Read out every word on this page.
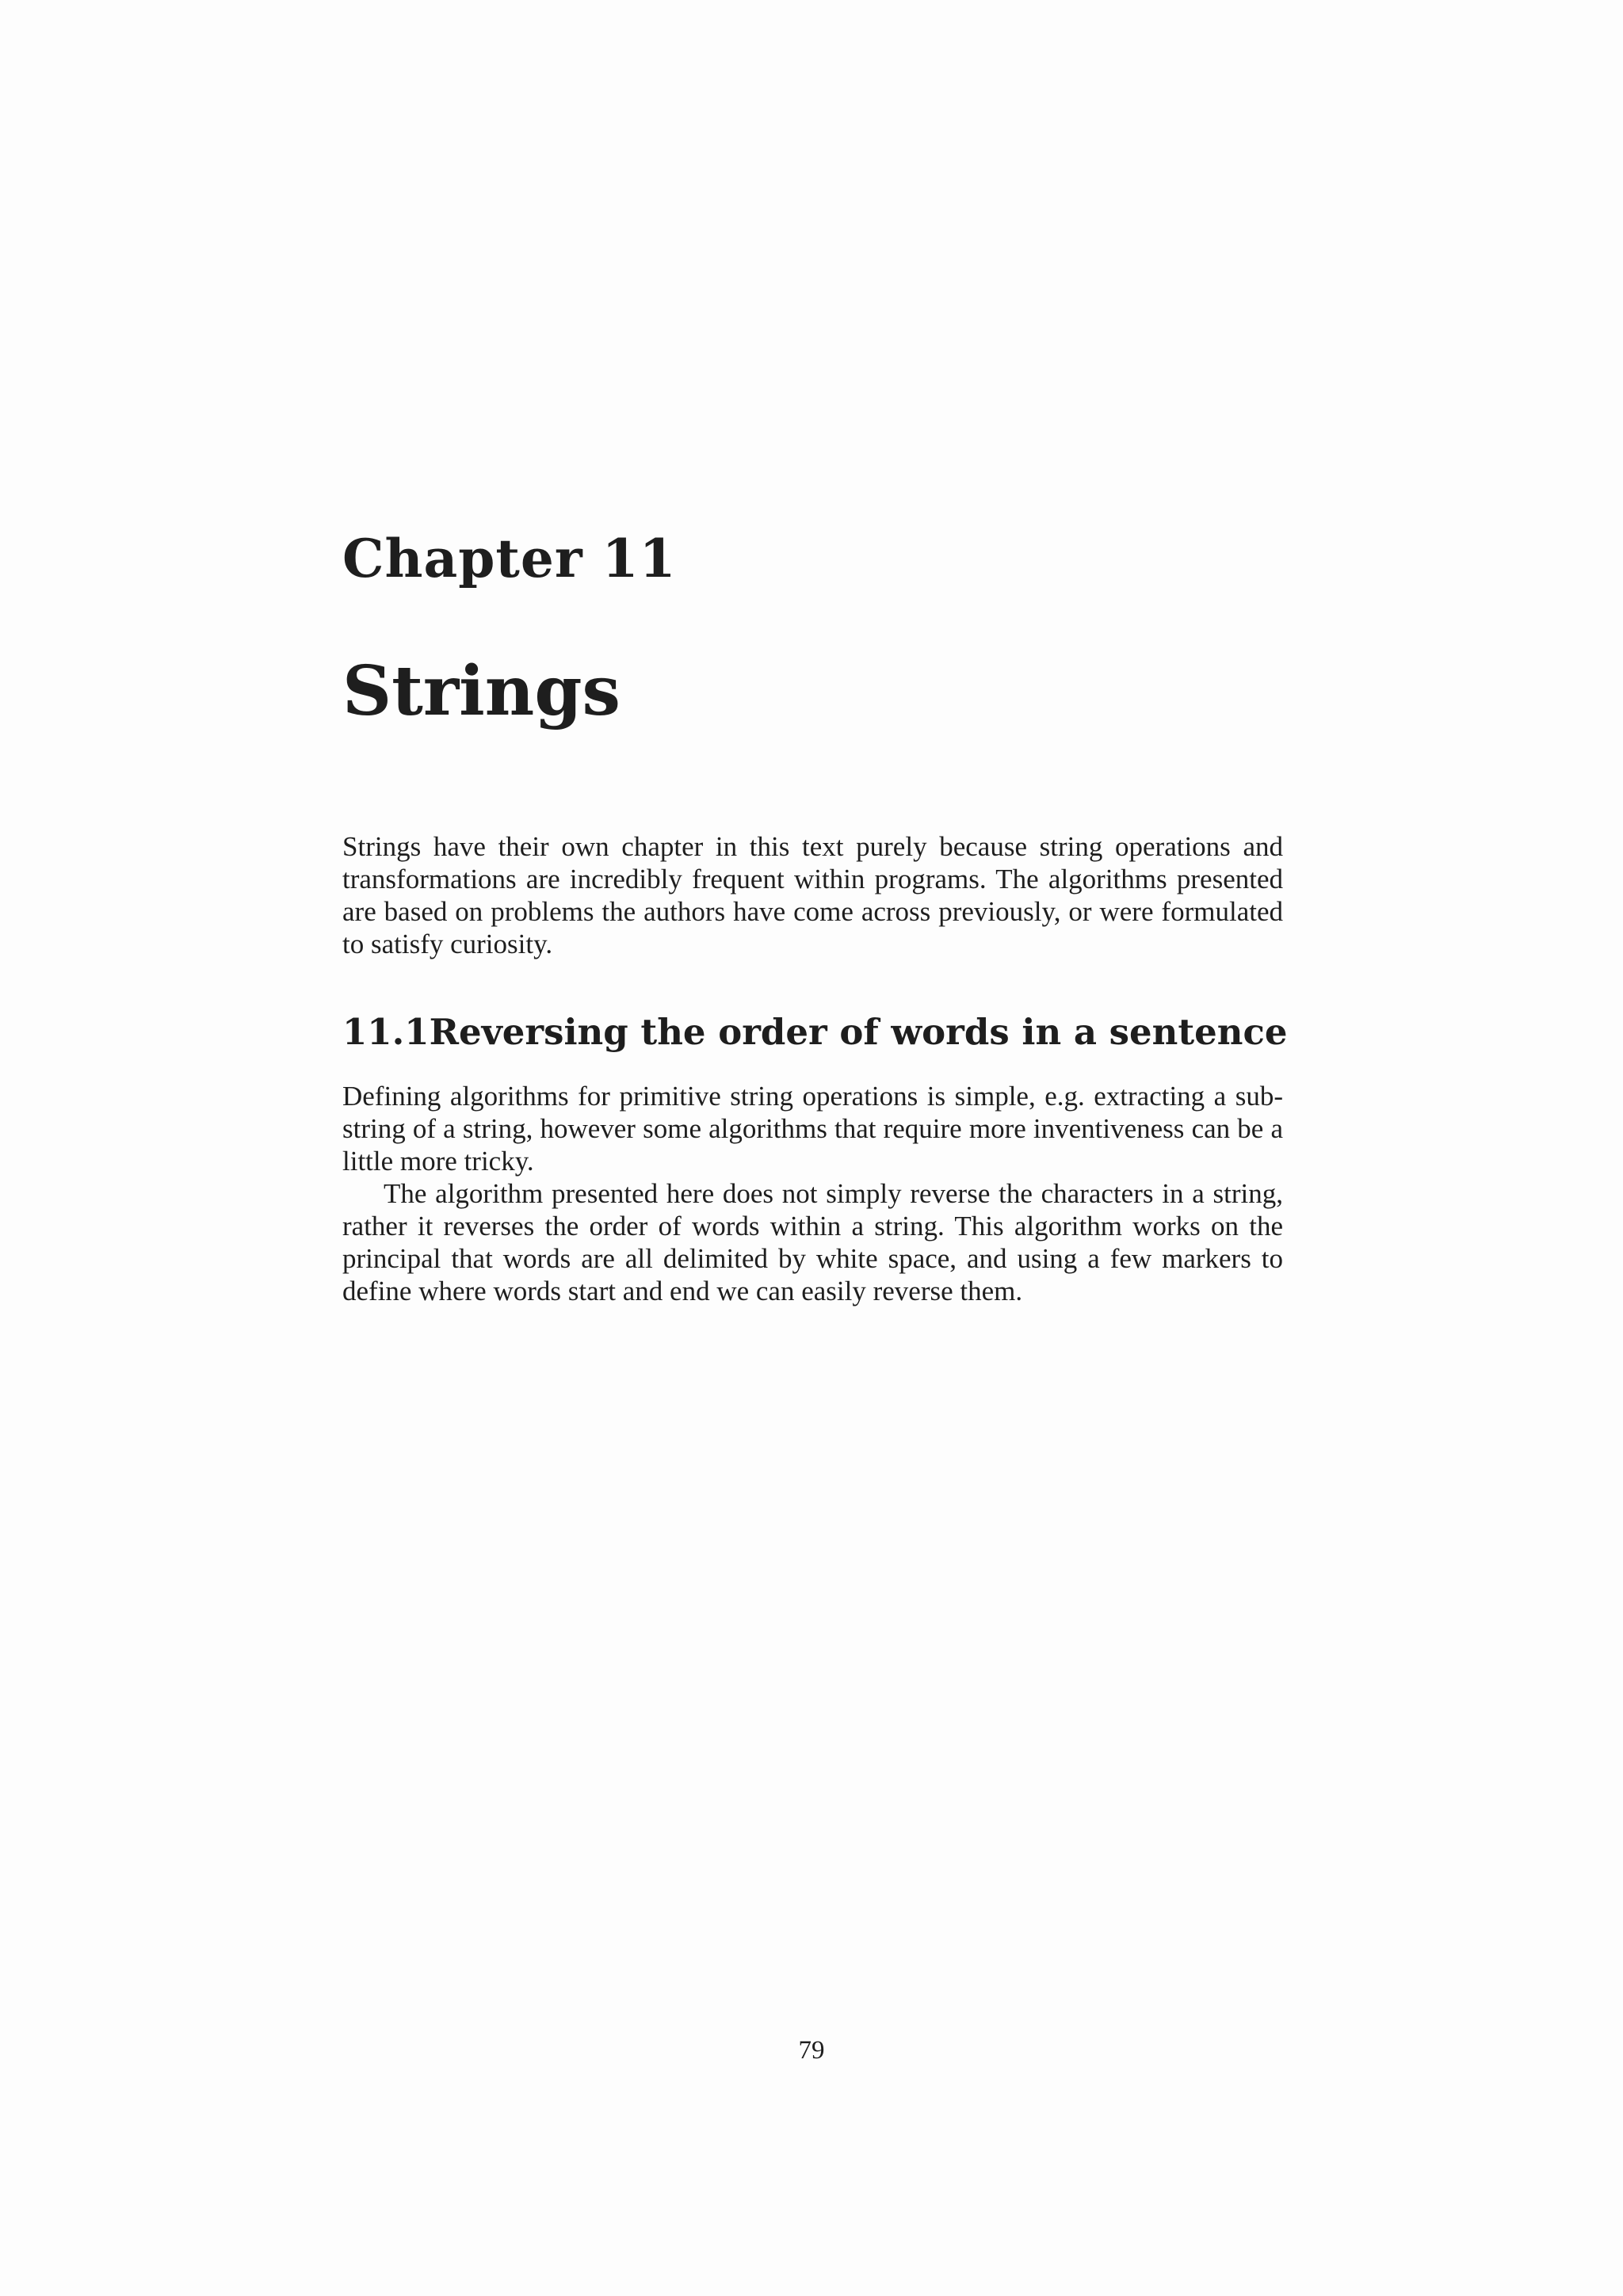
Chapter 11
Strings

Strings have their own chapter in this text purely because string operations and transformations are incredibly frequent within programs. The algorithms presented are based on problems the authors have come across previously, or were formulated to satisfy curiosity.

11.1 Reversing the order of words in a sentence

Defining algorithms for primitive string operations is simple, e.g. extracting a sub-string of a string, however some algorithms that require more inventiveness can be a little more tricky.

The algorithm presented here does not simply reverse the characters in a string, rather it reverses the order of words within a string. This algorithm works on the principal that words are all delimited by white space, and using a few markers to define where words start and end we can easily reverse them.

79
